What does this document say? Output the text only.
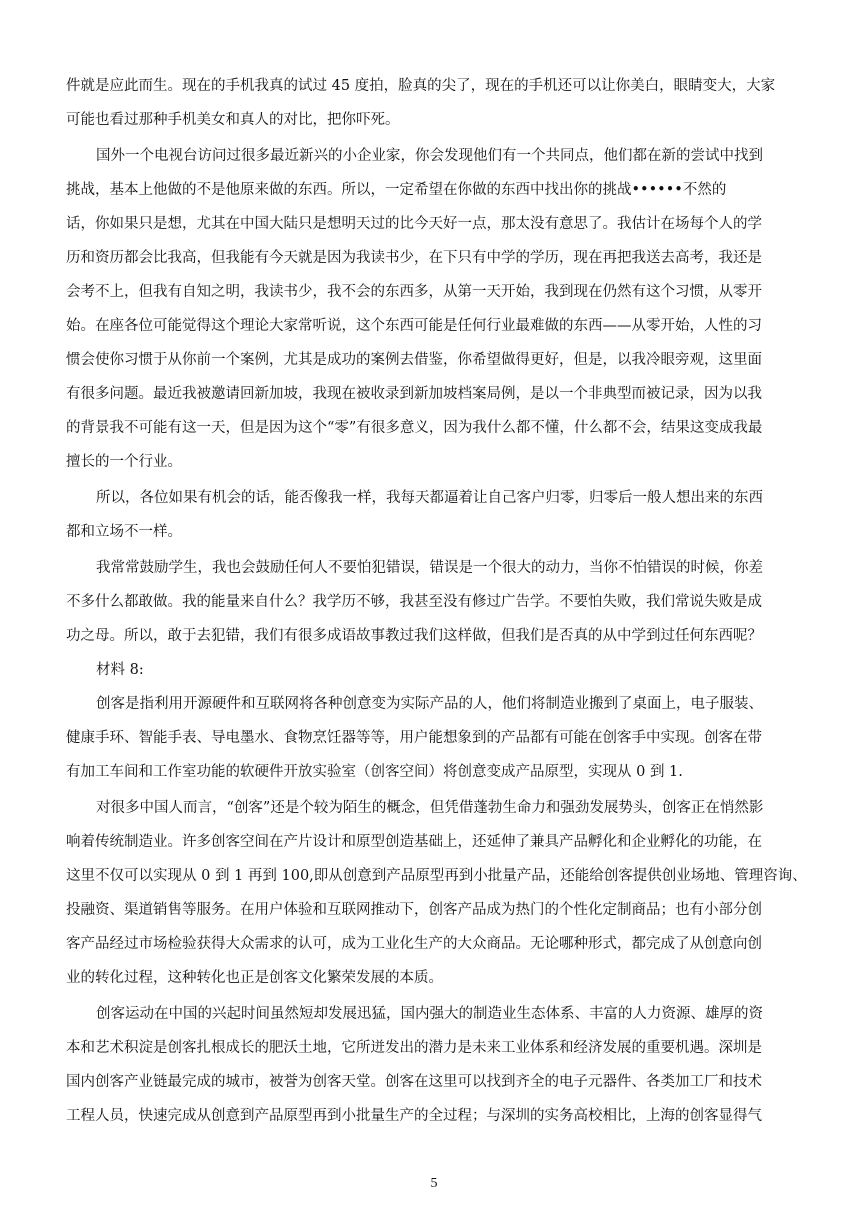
件就是应此而生。现在的手机我真的试过 45 度拍，脸真的尖了，现在的手机还可以让你美白，眼睛变大，大家
可能也看过那种手机美女和真人的对比，把你吓死。
国外一个电视台访问过很多最近新兴的小企业家，你会发现他们有一个共同点，他们都在新的尝试中找到
挑战，基本上他做的不是他原来做的东西。所以，一定希望在你做的东西中找出你的挑战••••••不然的
话，你如果只是想，尤其在中国大陆只是想明天过的比今天好一点，那太没有意思了。我估计在场每个人的学
历和资历都会比我高，但我能有今天就是因为我读书少，在下只有中学的学历，现在再把我送去高考，我还是
会考不上，但我有自知之明，我读书少，我不会的东西多，从第一天开始，我到现在仍然有这个习惯，从零开
始。在座各位可能觉得这个理论大家常听说，这个东西可能是任何行业最难做的东西——从零开始，人性的习
惯会使你习惯于从你前一个案例，尤其是成功的案例去借鉴，你希望做得更好，但是，以我冷眼旁观，这里面
有很多问题。最近我被邀请回新加坡，我现在被收录到新加坡档案局例，是以一个非典型而被记录，因为以我
的背景我不可能有这一天，但是因为这个“零”有很多意义，因为我什么都不懂，什么都不会，结果这变成我最
擅长的一个行业。
所以，各位如果有机会的话，能否像我一样，我每天都逼着让自己客户归零，归零后一般人想出来的东西
都和立场不一样。
我常常鼓励学生，我也会鼓励任何人不要怕犯错误，错误是一个很大的动力，当你不怕错误的时候，你差
不多什么都敢做。我的能量来自什么？我学历不够，我甚至没有修过广告学。不要怕失败，我们常说失败是成
功之母。所以，敢于去犯错，我们有很多成语故事教过我们这样做，但我们是否真的从中学到过任何东西呢？
材料 8:
创客是指利用开源硬件和互联网将各种创意变为实际产品的人，他们将制造业搬到了桌面上，电子服装、
健康手环、智能手表、导电墨水、食物烹饪器等等，用户能想象到的产品都有可能在创客手中实现。创客在带
有加工车间和工作室功能的软硬件开放实验室（创客空间）将创意变成产品原型，实现从 0 到 1.
对很多中国人而言，“创客”还是个较为陌生的概念，但凭借蓬勃生命力和强劲发展势头，创客正在悄然影
响着传统制造业。许多创客空间在产片设计和原型创造基础上，还延伸了兼具产品孵化和企业孵化的功能，在
这里不仅可以实现从 0 到 1 再到 100,即从创意到产品原型再到小批量产品，还能给创客提供创业场地、管理咨询、
投融资、渠道销售等服务。在用户体验和互联网推动下，创客产品成为热门的个性化定制商品；也有小部分创
客产品经过市场检验获得大众需求的认可，成为工业化生产的大众商品。无论哪种形式，都完成了从创意向创
业的转化过程，这种转化也正是创客文化繁荣发展的本质。
创客运动在中国的兴起时间虽然短却发展迅猛，国内强大的制造业生态体系、丰富的人力资源、雄厚的资
本和艺术积淀是创客扎根成长的肥沃土地，它所迸发出的潜力是未来工业体系和经济发展的重要机遇。深圳是
国内创客产业链最完成的城市，被誉为创客天堂。创客在这里可以找到齐全的电子元器件、各类加工厂和技术
工程人员，快速完成从创意到产品原型再到小批量生产的全过程；与深圳的实务高校相比，上海的创客显得气
5
